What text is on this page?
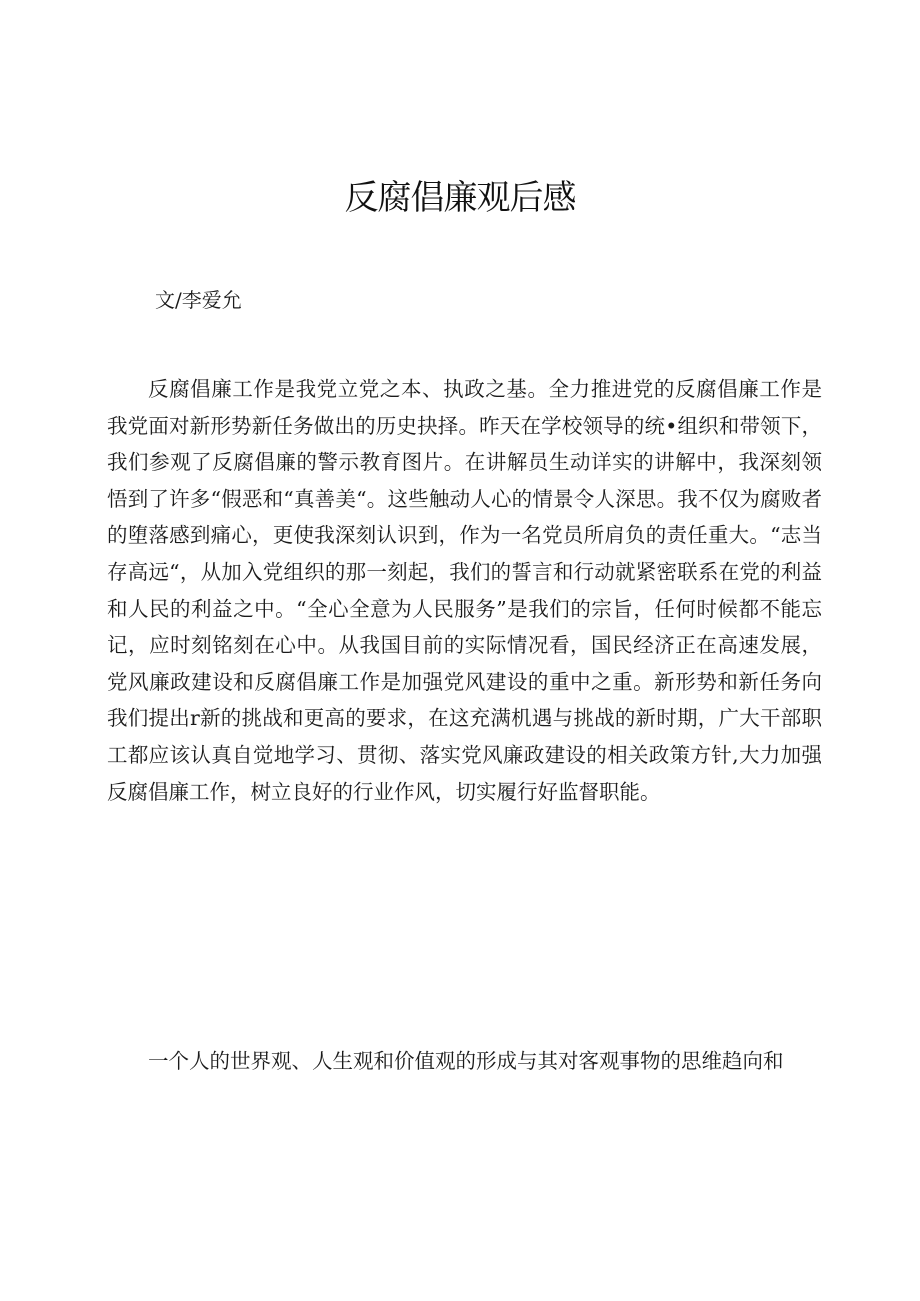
反腐倡廉观后感

文/李爱允

反腐倡廉工作是我党立党之本、执政之基。全力推进党的反腐倡廉工作是我党面对新形势新任务做出的历史抉择。昨天在学校领导的统•组织和带领下，我们参观了反腐倡廉的警示教育图片。在讲解员生动详实的讲解中，我深刻领悟到了许多“假恶和“真善美“。这些触动人心的情景令人深思。我不仅为腐败者的堕落感到痛心，更使我深刻认识到，作为一名党员所肩负的责任重大。“志当存高远“，从加入党组织的那一刻起，我们的誓言和行动就紧密联系在党的利益和人民的利益之中。“全心全意为人民服务”是我们的宗旨，任何时候都不能忘记，应时刻铭刻在心中。从我国目前的实际情况看，国民经济正在高速发展，党风廉政建设和反腐倡廉工作是加强党风建设的重中之重。新形势和新任务向我们提出r新的挑战和更高的要求，在这充满机遇与挑战的新时期，广大干部职工都应该认真自觉地学习、贯彻、落实党风廉政建设的相关政策方针,大力加强反腐倡廉工作，树立良好的行业作风，切实履行好监督职能。

一个人的世界观、人生观和价值观的形成与其对客观事物的思维趋向和
